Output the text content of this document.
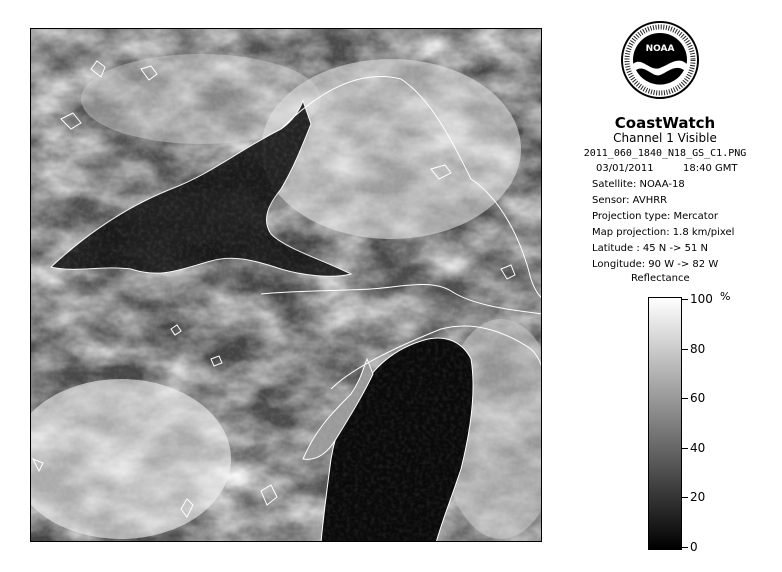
NOAA
CoastWatch
Channel 1 Visible
2011_060_1840_N18_GS_C1.PNG
03/01/2011	18:40 GMT
Satellite: NOAA-18
Sensor: AVHRR
Projection type: Mercator
Map projection: 1.8 km/pixel
Latitude : 45 N -> 51 N
Longitude: 90 W -> 82 W
Reflectance
%
100
80
60
40
20
0
